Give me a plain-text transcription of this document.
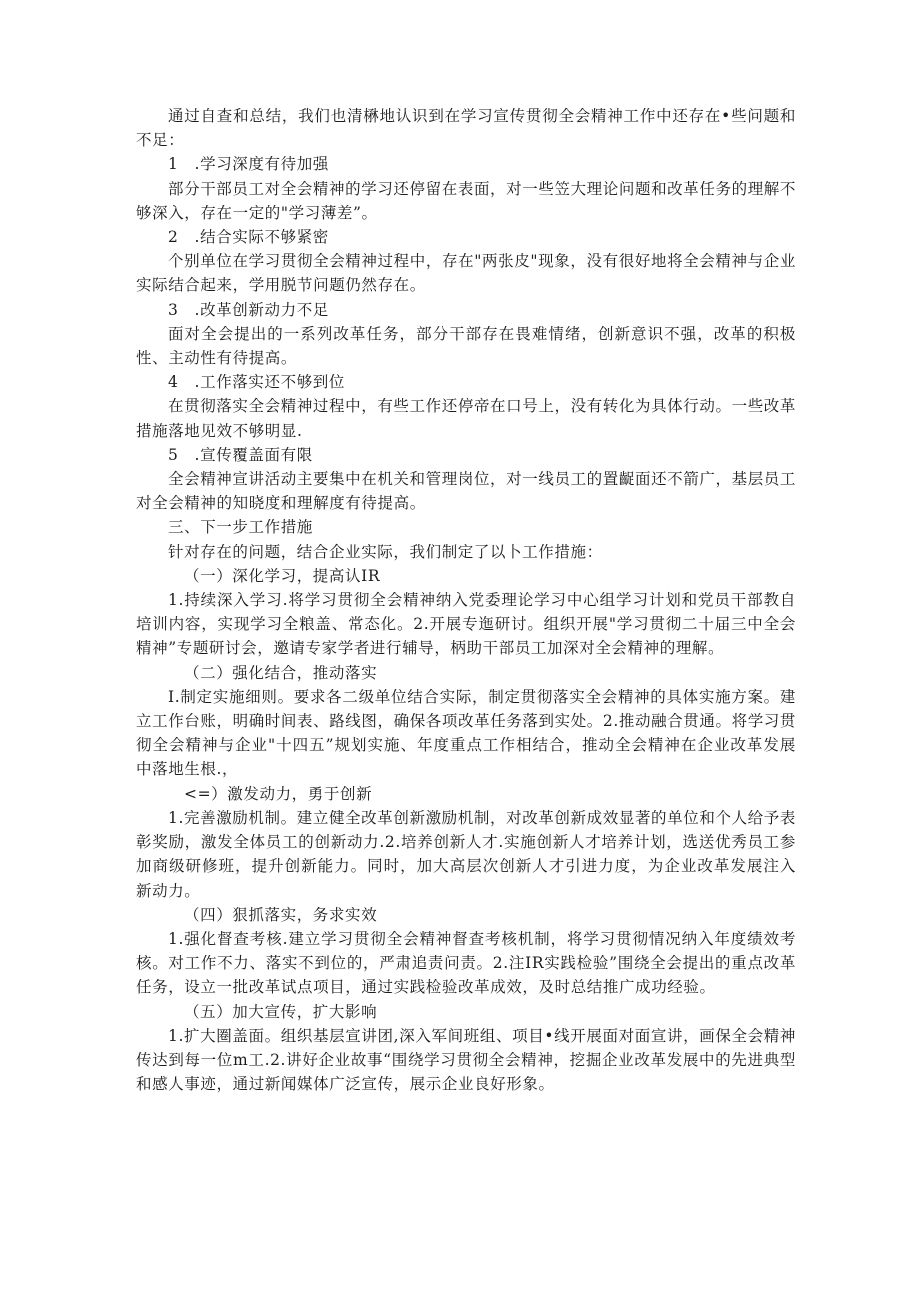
通过自查和总结，我们也清楙地认识到在学习宣传贯彻全会精神工作中还存在•些问题和不足：

1　.学习深度有待加强

部分干部员工对全会精神的学习还停留在表面，对一些笠大理论问题和改革任务的理解不够深入，存在一定的"学习薄差”。

2　.结合实际不够紧密

个别单位在学习贯彻全会精神过程中，存在"两张皮"现象，没有很好地将全会精神与企业实际结合起来，学用脱节问题仍然存在。

3　.改革创新动力不足

面对全会提出的一系列改革任务，部分干部存在畏难情绪，创新意识不强，改革的积极性、主动性有待提高。

4　.工作落实还不够到位

在贯彻落实全会精神过程中，有些工作还停帝在口号上，没有转化为具体行动。一些改革措施落地见效不够明显.

5　.宣传覆盖面有限

全会精神宣讲活动主要集中在机关和管理岗位，对一线员工的置齪面还不箭广，基层员工对全会精神的知晓度和理解度有待提高。

三、下一步工作措施

针对存在的问题，结合企业实际，我们制定了以卜工作措施：

（一）深化学习，提高认IR

1.持续深入学习.将学习贯彻全会精神纳入党委理论学习中心组学习计划和党员干部教自培训内容，实现学习全粮盖、常态化。2.开展专迤研讨。组织开展"学习贯彻二十届三中全会精神”专题研讨会，邀请专家学者进行辅导，柄助干部员工加深对全会精神的理解。

（二）强化结合，推动落实

I.制定实施细则。要求各二级单位结合实际，制定贯彻落实全会精神的具体实施方案。建立工作台账，明确时间表、路线图，确保各项改革任务落到实处。2.推动融合贯通。将学习贯彻全会精神与企业"十四五”规划实施、年度重点工作相结合，推动全会精神在企业改革发展中落地生根.，

<=）激发动力，勇于创新

1.完善激励机制。建立健全改革创新激励机制，对改革创新成效显著的单位和个人给予表彰奖励，激发全体员工的创新动力.2.培养创新人才.实施创新人才培养计划，选送优秀员工参加商级研修班，提升创新能力。同时，加大高层次创新人才引进力度，为企业改革发展注入新动力。

（四）狠抓落实，务求实效

1.强化督查考核.建立学习贯彻全会精神督查考核机制，将学习贯彻情况纳入年度绩效考核。对工作不力、落实不到位的，严肃追责问责。2.注IR实践检验”围绕全会提出的重点改革任务，设立一批改革试点项目，通过实践检验改革成效，及时总结推广成功经验。

（五）加大宣传，扩大影响

1.扩大圈盖面。组织基层宣讲团,深入军间班组、项目•线开展面对面宣讲，画保全会精神传达到每一位m工.2.讲好企业故事“围绕学习贯彻全会精神，挖掘企业改革发展中的先进典型和感人事迹，通过新闻媒体广泛宣传，展示企业良好形象。
